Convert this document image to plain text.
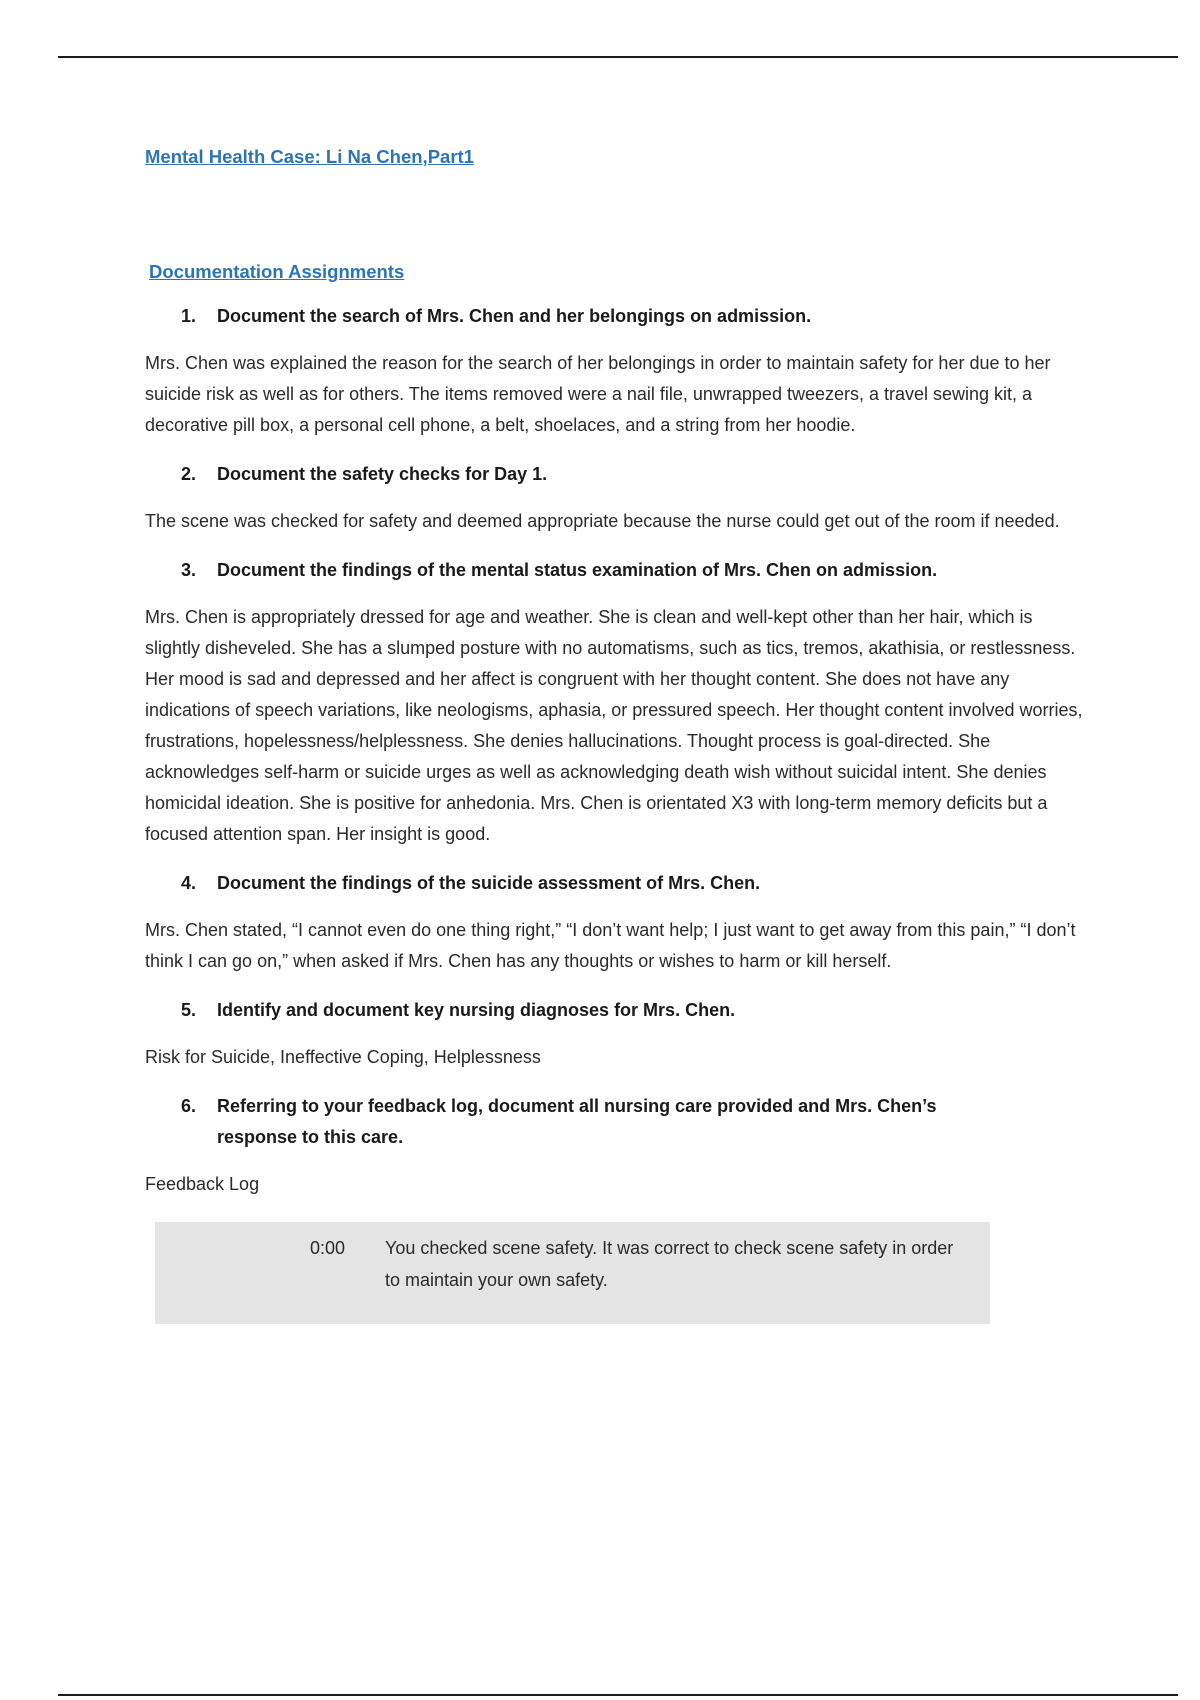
Mental Health Case: Li Na Chen,Part1
Documentation Assignments
1.	Document the search of Mrs. Chen and her belongings on admission.

Mrs. Chen was explained the reason for the search of her belongings in order to maintain safety for her due to her suicide risk as well as for others. The items removed were a nail file, unwrapped tweezers, a travel sewing kit, a decorative pill box, a personal cell phone, a belt, shoelaces, and a string from her hoodie.

2.	Document the safety checks for Day 1.

The scene was checked for safety and deemed appropriate because the nurse could get out of the room if needed.

3.	Document the findings of the mental status examination of Mrs. Chen on admission.

Mrs. Chen is appropriately dressed for age and weather. She is clean and well-kept other than her hair, which is slightly disheveled. She has a slumped posture with no automatisms, such as tics, tremos, akathisia, or restlessness. Her mood is sad and depressed and her affect is congruent with her thought content. She does not have any indications of speech variations, like neologisms, aphasia, or pressured speech. Her thought content involved worries, frustrations, hopelessness/helplessness. She denies hallucinations. Thought process is goal-directed. She acknowledges self-harm or suicide urges as well as acknowledging death wish without suicidal intent. She denies homicidal ideation. She is positive for anhedonia. Mrs. Chen is orientated X3 with long-term memory deficits but a focused attention span. Her insight is good.

4.	Document the findings of the suicide assessment of Mrs. Chen.

Mrs. Chen stated, “I cannot even do one thing right,” “I don’t want help; I just want to get away from this pain,” “I don’t think I can go on,” when asked if Mrs. Chen has any thoughts or wishes to harm or kill herself.

5.	Identify and document key nursing diagnoses for Mrs. Chen.

Risk for Suicide, Ineffective Coping, Helplessness

6.	Referring to your feedback log, document all nursing care provided and Mrs. Chen’s response to this care.
Feedback Log
0:00 You checked scene safety. It was correct to check scene safety in order to maintain your own safety.
